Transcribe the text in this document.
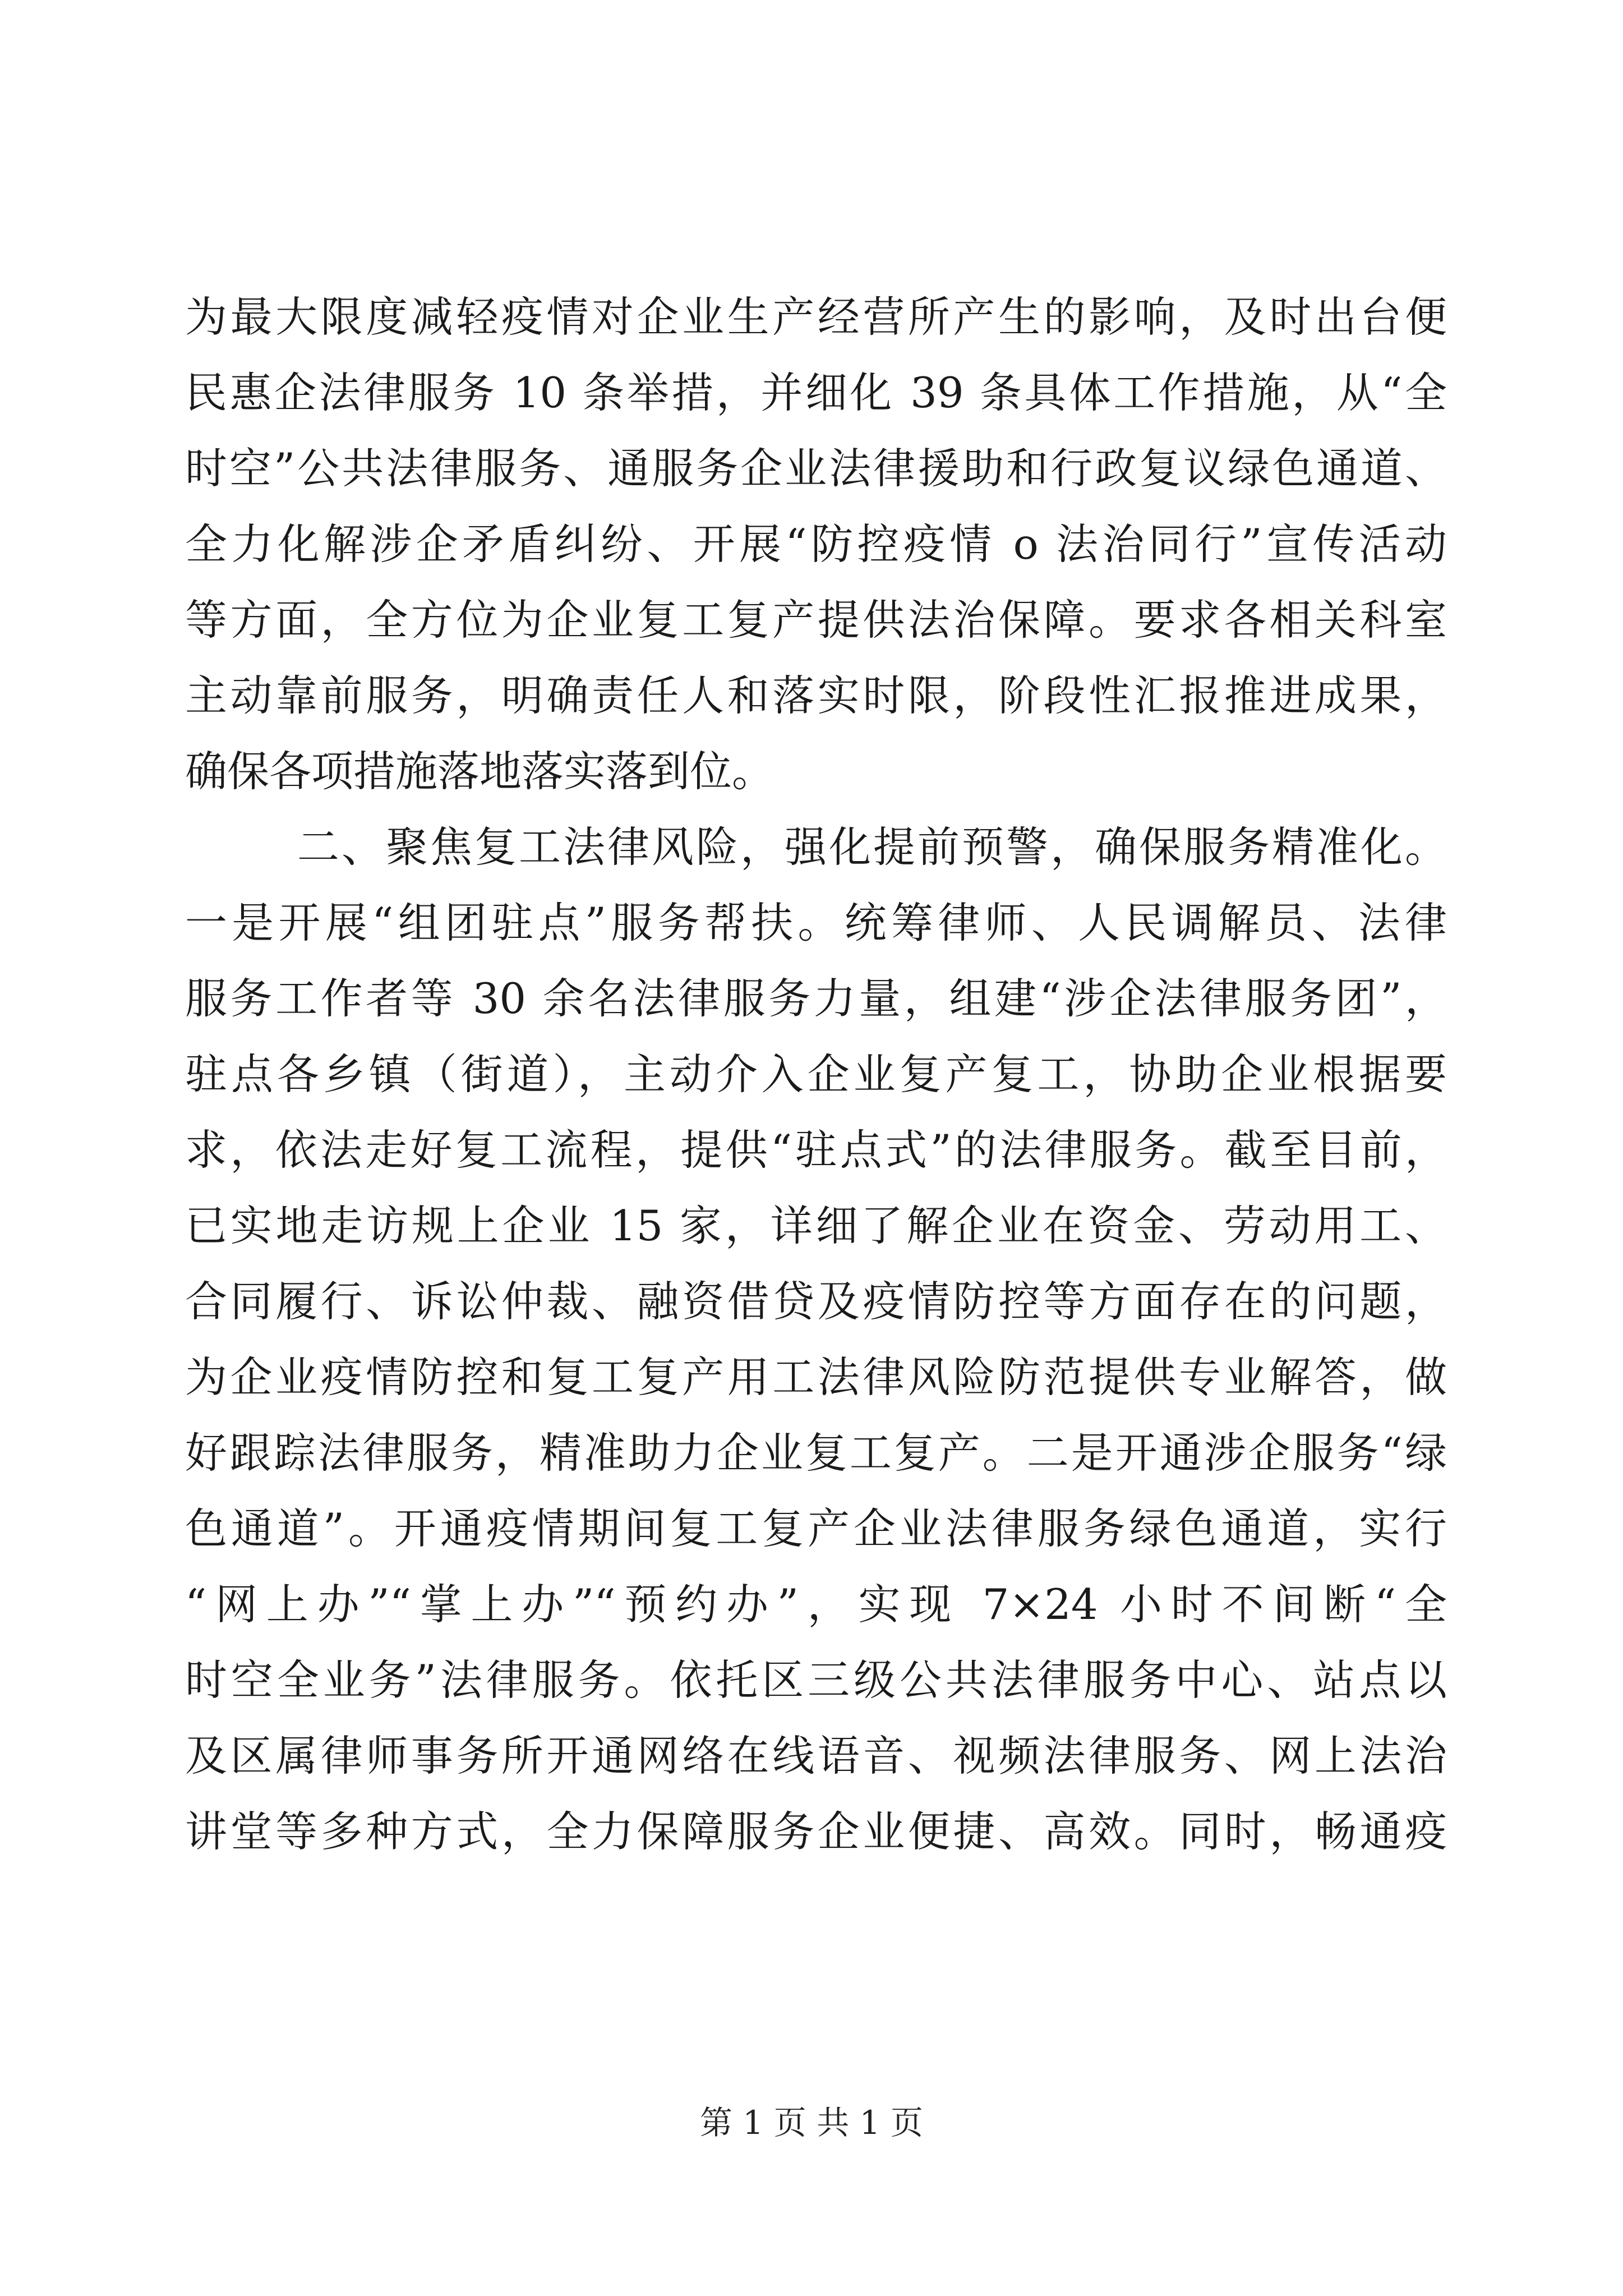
为最大限度减轻疫情对企业生产经营所产生的影响，及时出台便
民惠企法律服务 10 条举措，并细化 39 条具体工作措施，从“全
时空”公共法律服务、通服务企业法律援助和行政复议绿色通道、
全力化解涉企矛盾纠纷、开展“防控疫情 o 法治同行”宣传活动
等方面，全方位为企业复工复产提供法治保障。要求各相关科室
主动靠前服务，明确责任人和落实时限，阶段性汇报推进成果，
确保各项措施落地落实落到位。
二、聚焦复工法律风险，强化提前预警，确保服务精准化。
一是开展“组团驻点”服务帮扶。统筹律师、人民调解员、法律
服务工作者等 30 余名法律服务力量，组建“涉企法律服务团”，
驻点各乡镇（街道），主动介入企业复产复工，协助企业根据要
求，依法走好复工流程，提供“驻点式”的法律服务。截至目前，
已实地走访规上企业 15 家，详细了解企业在资金、劳动用工、
合同履行、诉讼仲裁、融资借贷及疫情防控等方面存在的问题，
为企业疫情防控和复工复产用工法律风险防范提供专业解答，做
好跟踪法律服务，精准助力企业复工复产。二是开通涉企服务“绿
色通道”。开通疫情期间复工复产企业法律服务绿色通道，实行
“网上办”“掌上办”“预约办”，实现 7×24 小时不间断“全
时空全业务”法律服务。依托区三级公共法律服务中心、站点以
及区属律师事务所开通网络在线语音、视频法律服务、网上法治
讲堂等多种方式，全力保障服务企业便捷、高效。同时，畅通疫
第 1 页 共 1 页
